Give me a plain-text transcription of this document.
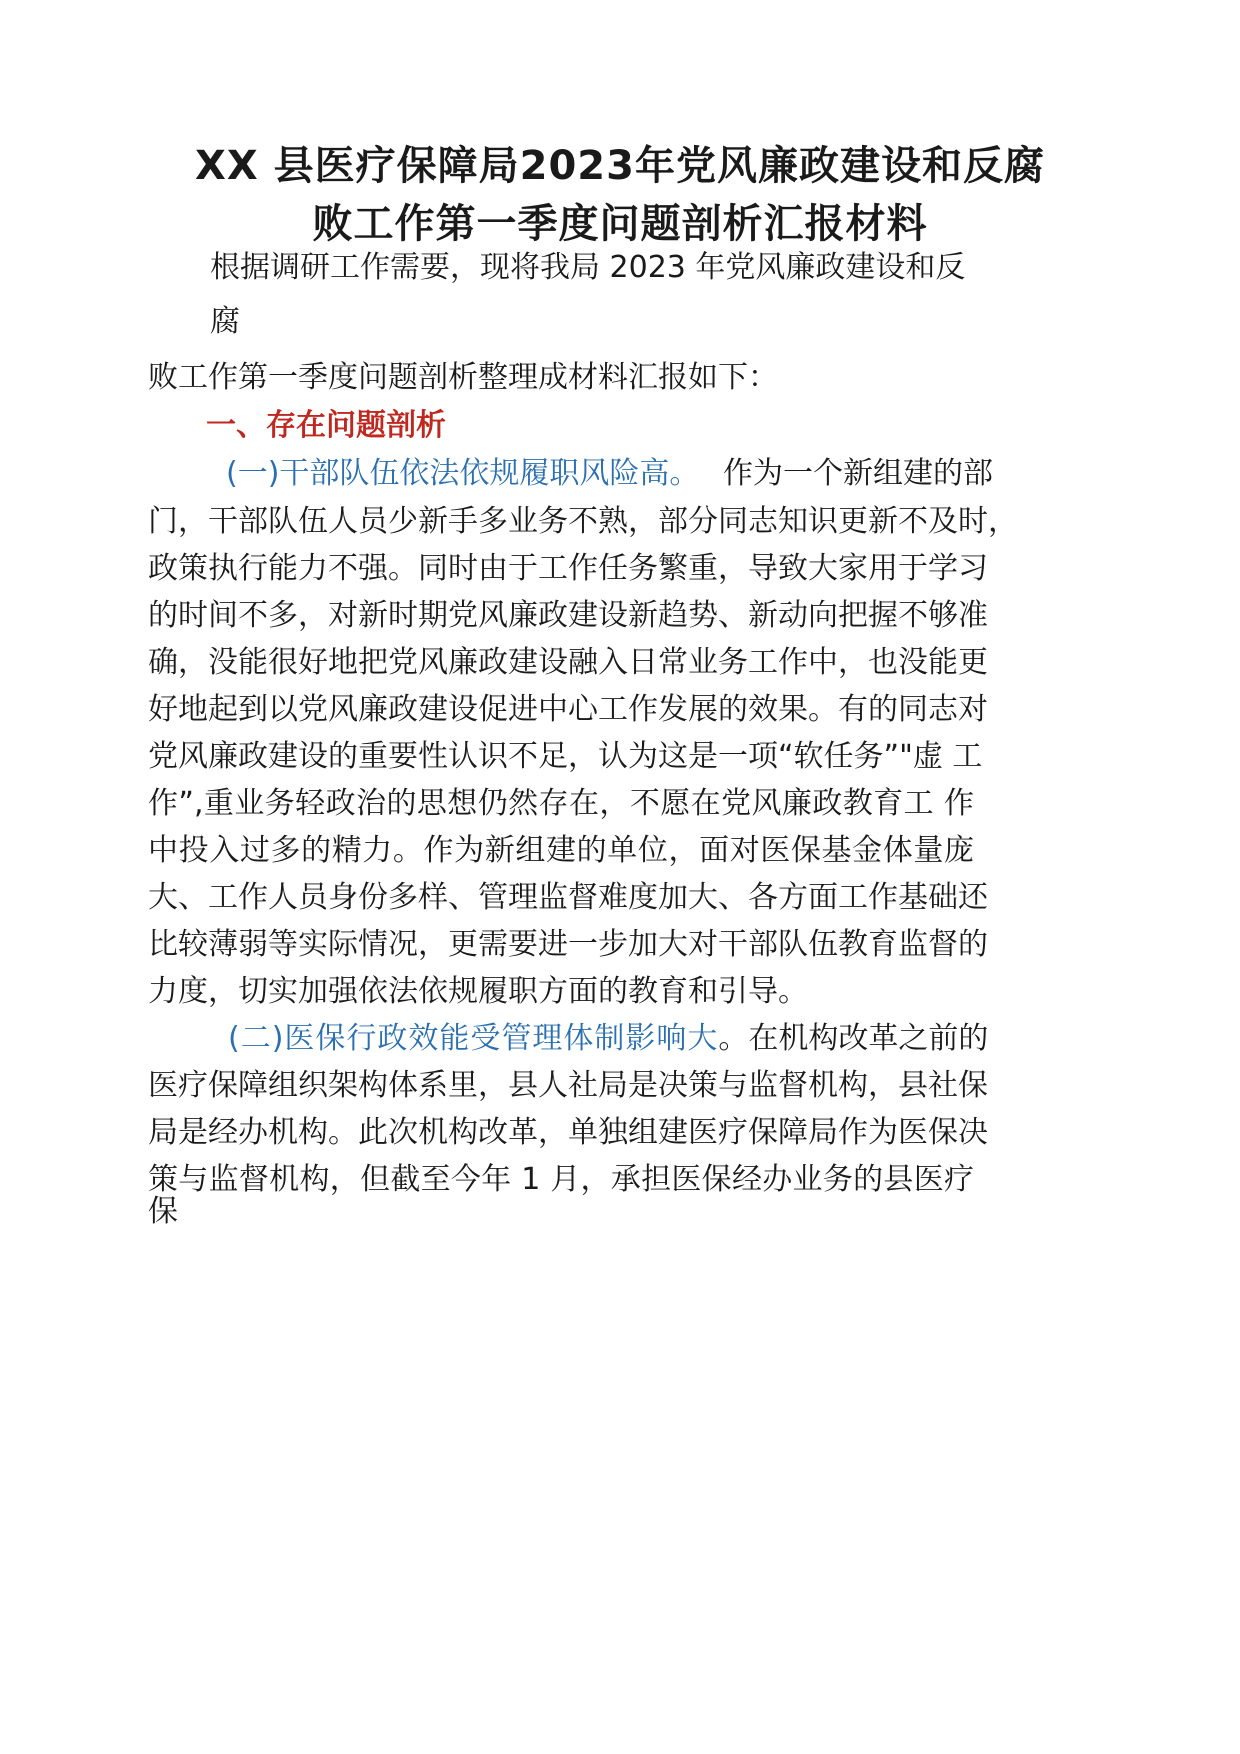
XX 县医疗保障局2023年党风廉政建设和反腐
败工作第一季度问题剖析汇报材料

根据调研工作需要，现将我局 2023 年党风廉政建设和反

腐

败工作第一季度问题剖析整理成材料汇报如下：

一、存在问题剖析

(一)干部队伍依法依规履职风险高。 作为一个新组建的部

门，干部队伍人员少新手多业务不熟，部分同志知识更新不及时，

政策执行能力不强。同时由于工作任务繁重，导致大家用于学习

的时间不多，对新时期党风廉政建设新趋势、新动向把握不够准

确，没能很好地把党风廉政建设融入日常业务工作中，也没能更

好地起到以党风廉政建设促进中心工作发展的效果。有的同志对

党风廉政建设的重要性认识不足，认为这是一项“软任务”"虚 工

作”,重业务轻政治的思想仍然存在，不愿在党风廉政教育工 作

中投入过多的精力。作为新组建的单位，面对医保基金体量庞

大、工作人员身份多样、管理监督难度加大、各方面工作基础还

比较薄弱等实际情况，更需要进一步加大对干部队伍教育监督的

力度，切实加强依法依规履职方面的教育和引导。

(二)医保行政效能受管理体制影响大。在机构改革之前的

医疗保障组织架构体系里，县人社局是决策与监督机构，县社保

局是经办机构。此次机构改革，单独组建医疗保障局作为医保决

策与监督机构，但截至今年 1 月，承担医保经办业务的县医疗

保
